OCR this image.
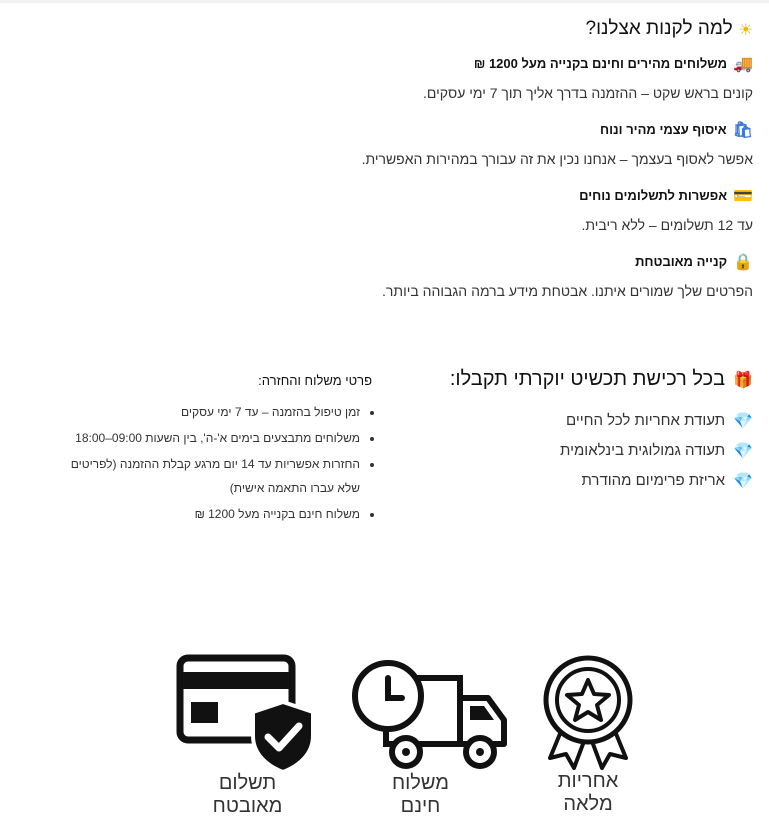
☀
למה לקנות אצלנו?

🚚
משלוחים מהירים וחינם בקנייה מעל 1200 ₪

קונים בראש שקט – ההזמנה בדרך אליך תוך 7 ימי עסקים.

🛍
איסוף עצמי מהיר ונוח

אפשר לאסוף בעצמך – אנחנו נכין את זה עבורך במהירות האפשרית.

💳
אפשרות לתשלומים נוחים

עד 12 תשלומים – ללא ריבית.

🔒
קנייה מאובטחת

הפרטים שלך שמורים איתנו. אבטחת מידע ברמה הגבוהה ביותר.

🎁
בכל רכישת תכשיט יוקרתי תקבלו:
💎
תעודת אחריות לכל החיים
💎
תעודה גמולוגית בינלאומית
💎
אריזת פרימיום מהודרת
פרטי משלוח והחזרה:
• זמן טיפול בהזמנה – עד 7 ימי עסקים
• משלוחים מתבצעים בימים א'-ה', בין השעות 09:00–18:00
• החזרות אפשריות עד 14 יום מרגע קבלת ההזמנה (לפריטים שלא עברו התאמה אישית)
• משלוח חינם בקנייה מעל 1200 ₪
תשלום
מאובטח
משלוח
חינם
אחריות
מלאה
